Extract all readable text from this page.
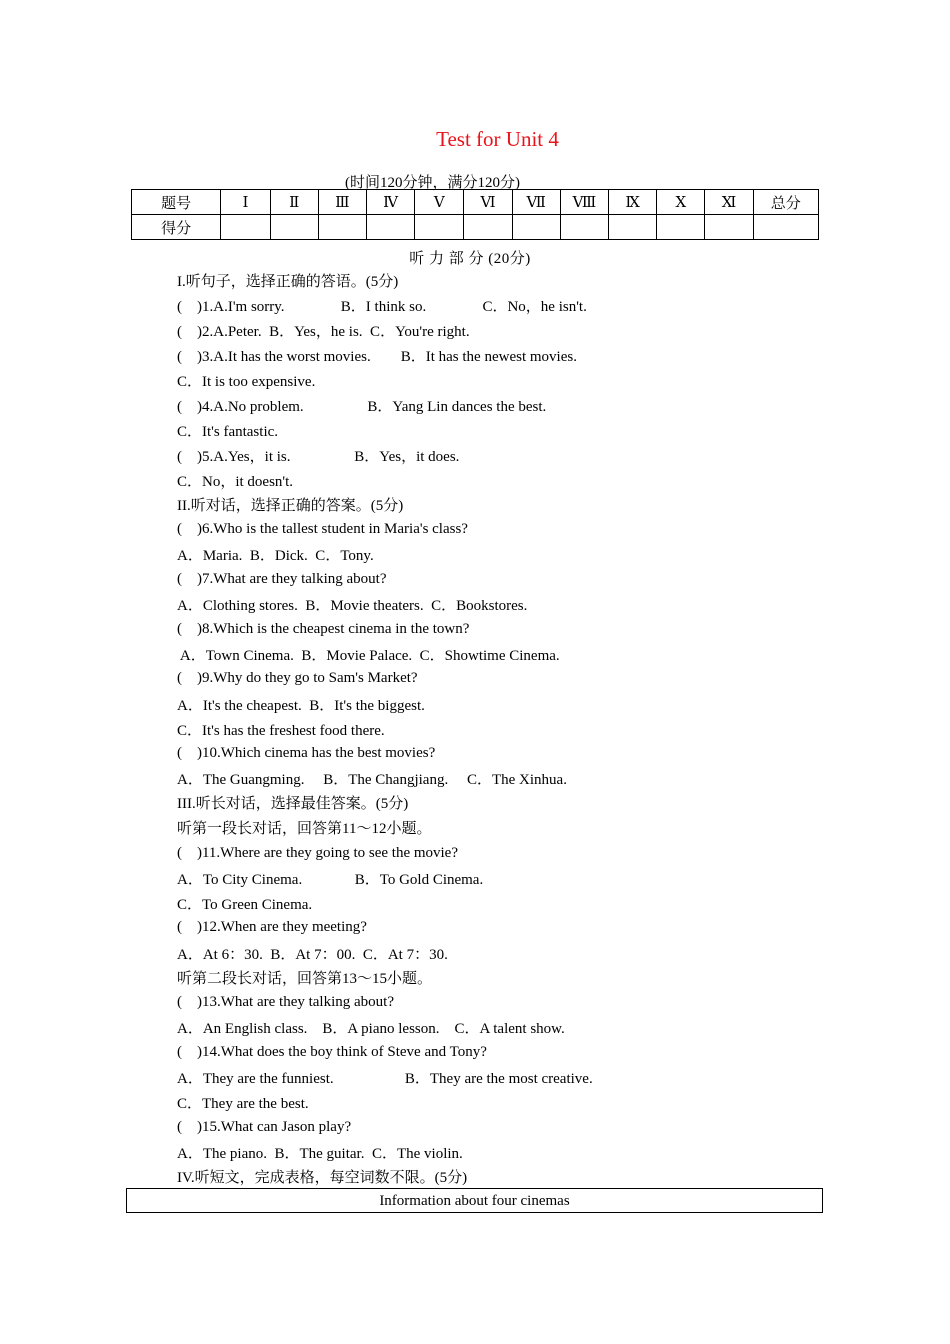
Test for Unit 4
(时间120分钟，满分120分)
题号	Ⅰ	Ⅱ	Ⅲ	Ⅳ	Ⅴ	Ⅵ	Ⅶ	Ⅷ	Ⅸ	Ⅹ	Ⅺ	总分
得分												
听 力 部 分 (20分)
I.听句子，选择正确的答语。(5分)
(    )1.A.I'm sorry.               B．I think so.               C．No，he isn't.
(    )2.A.Peter.  B．Yes，he is.  C．You're right.
(    )3.A.It has the worst movies.        B．It has the newest movies.
C．It is too expensive.
(    )4.A.No problem.                 B．Yang Lin dances the best.
C．It's fantastic.
(    )5.A.Yes，it is.                 B．Yes，it does.
C．No，it doesn't.
II.听对话，选择正确的答案。(5分)
(    )6.Who is the tallest student in Maria's class?
A．Maria.  B．Dick.  C．Tony.
(    )7.What are they talking about?
A．Clothing stores.  B．Movie theaters.  C．Bookstores.
(    )8.Which is the cheapest cinema in the town?
A．Town Cinema.  B．Movie Palace.  C．Showtime Cinema.
(    )9.Why do they go to Sam's Market?
A．It's the cheapest.  B．It's the biggest.
C．It's has the freshest food there.
(    )10.Which cinema has the best movies?
A．The Guangming.     B．The Changjiang.     C．The Xinhua.
III.听长对话，选择最佳答案。(5分)
听第一段长对话，回答第11～12小题。
(    )11.Where are they going to see the movie?
A．To City Cinema.              B．To Gold Cinema.
C．To Green Cinema.
(    )12.When are they meeting?
A．At 6：30.  B．At 7：00.  C．At 7：30.
听第二段长对话，回答第13～15小题。
(    )13.What are they talking about?
A．An English class.    B．A piano lesson.    C．A talent show.
(    )14.What does the boy think of Steve and Tony?
A．They are the funniest.                   B．They are the most creative.
C．They are the best.
(    )15.What can Jason play?
A．The piano.  B．The guitar.  C．The violin.
IV.听短文，完成表格，每空词数不限。(5分)
Information about four cinemas
